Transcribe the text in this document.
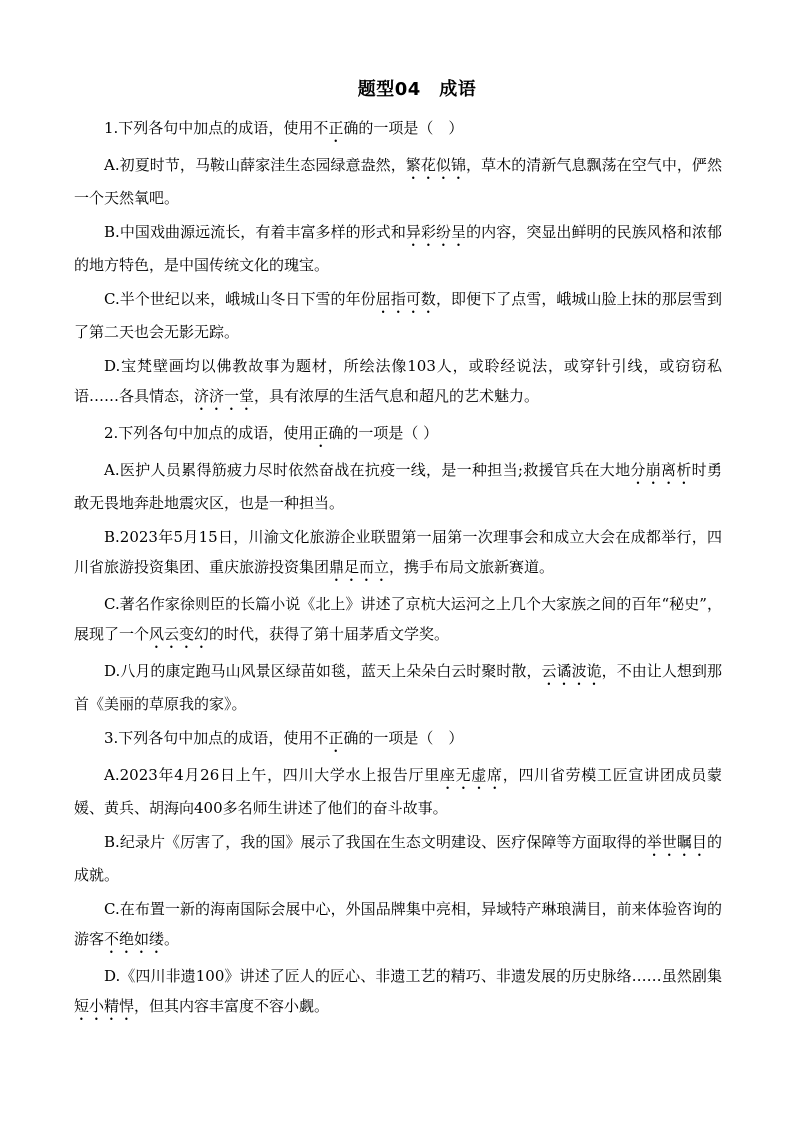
题型04　成语

1.下列各句中加点的成语，使用不正确的一项是（　）

A.初夏时节，马鞍山薛家洼生态园绿意盎然，繁花似锦，草木的清新气息飘荡在空气中，俨然一个天然氧吧。

B.中国戏曲源远流长，有着丰富多样的形式和异彩纷呈的内容，突显出鲜明的民族风格和浓郁的地方特色，是中国传统文化的瑰宝。

C.半个世纪以来，峨城山冬日下雪的年份屈指可数，即便下了点雪，峨城山脸上抹的那层雪到了第二天也会无影无踪。

D.宝梵壁画均以佛教故事为题材，所绘法像103人，或聆经说法，或穿针引线，或窃窃私语……各具情态，济济一堂，具有浓厚的生活气息和超凡的艺术魅力。

2.下列各句中加点的成语，使用正确的一项是（ ）

A.医护人员累得筋疲力尽时依然奋战在抗疫一线，是一种担当;救援官兵在大地分崩离析时勇敢无畏地奔赴地震灾区，也是一种担当。

B.2023年5月15日，川渝文化旅游企业联盟第一届第一次理事会和成立大会在成都举行，四川省旅游投资集团、重庆旅游投资集团鼎足而立，携手布局文旅新赛道。

C.著名作家徐则臣的长篇小说《北上》讲述了京杭大运河之上几个大家族之间的百年“秘史”，展现了一个风云变幻的时代，获得了第十届茅盾文学奖。

D.八月的康定跑马山风景区绿苗如毯，蓝天上朵朵白云时聚时散，云谲波诡，不由让人想到那首《美丽的草原我的家》。

3.下列各句中加点的成语，使用不正确的一项是（　）

A.2023年4月26日上午，四川大学水上报告厅里座无虚席，四川省劳模工匠宣讲团成员蒙媛、黄兵、胡海向400多名师生讲述了他们的奋斗故事。

B.纪录片《厉害了，我的国》展示了我国在生态文明建设、医疗保障等方面取得的举世瞩目的成就。

C.在布置一新的海南国际会展中心，外国品牌集中亮相，异域特产琳琅满目，前来体验咨询的游客不绝如缕。

D.《四川非遗100》讲述了匠人的匠心、非遗工艺的精巧、非遗发展的历史脉络……虽然剧集短小精悍，但其内容丰富度不容小觑。
